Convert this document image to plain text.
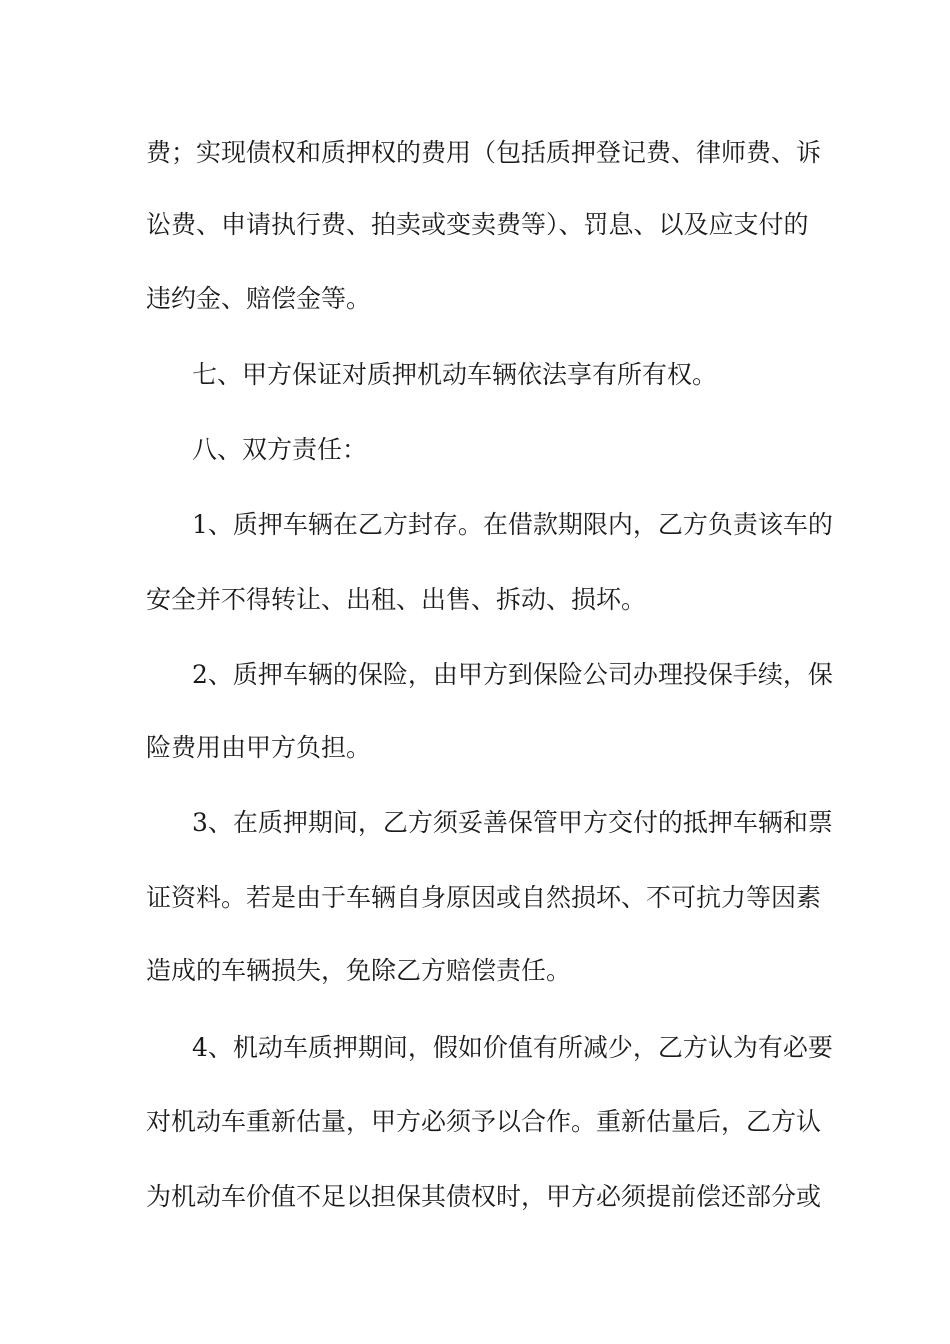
费；实现债权和质押权的费用（包括质押登记费、律师费、诉
讼费、申请执行费、拍卖或变卖费等）、罚息、以及应支付的
违约金、赔偿金等。
七、甲方保证对质押机动车辆依法享有所有权。
八、双方责任：
1、质押车辆在乙方封存。在借款期限内，乙方负责该车的
安全并不得转让、出租、出售、拆动、损坏。
2、质押车辆的保险，由甲方到保险公司办理投保手续，保
险费用由甲方负担。
3、在质押期间，乙方须妥善保管甲方交付的抵押车辆和票
证资料。若是由于车辆自身原因或自然损坏、不可抗力等因素
造成的车辆损失，免除乙方赔偿责任。
4、机动车质押期间，假如价值有所减少，乙方认为有必要
对机动车重新估量，甲方必须予以合作。重新估量后，乙方认
为机动车价值不足以担保其债权时，甲方必须提前偿还部分或
